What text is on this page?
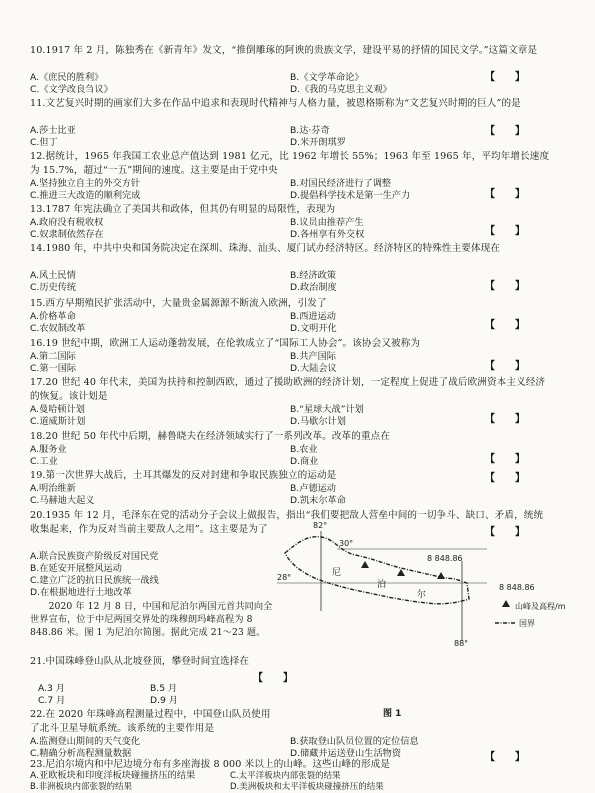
10.1917 年 2 月，陈独秀在《新青年》发文，“推倒雕琢的阿谀的贵族文学，建设平易的抒情的国民文学。”这篇文章是
A.《庶民的胜利》	B.《文学革命论》	【　　】
C.《文学改良刍议》	D.《我的马克思主义观》
11.文艺复兴时期的画家们大多在作品中追求和表现时代精神与人格力量，被恩格斯称为“文艺复兴时期的巨人”的是
A.莎士比亚	B.达·芬奇	【　　】
C.但丁	D.米开朗琪罗
12.据统计，1965 年我国工农业总产值达到 1981 亿元，比 1962 年增长 55%；1963 年至 1965 年，平均年增长速度为 15.7%，超过“一五”期间的速度。这主要是由于党中央
A.坚持独立自主的外交方针	B.对国民经济进行了调整
【　　】
C.推进三大改造的顺利完成	D.提倡科学技术是第一生产力
13.1787 年宪法确立了美国共和政体，但其仍有明显的局限性，表现为
A.政府没有税收权	B.议员由推荐产生
【　　】
C.奴隶制依然存在	D.各州享有外交权
14.1980 年，中共中央和国务院决定在深圳、珠海、汕头、厦门试办经济特区。经济特区的特殊性主要体现在
A.风土民情	B.经济政策
【　　】
C.历史传统	D.政治制度
15.西方早期殖民扩张活动中，大量贵金属源源不断流入欧洲，引发了
A.价格革命	B.西进运动
【　　】
C.农奴制改革	D.文明开化
16.19 世纪中期，欧洲工人运动蓬勃发展，在伦敦成立了“国际工人协会”。该协会又被称为
A.第二国际	B.共产国际
【　　】
C.第一国际	D.大陆会议
17.20 世纪 40 年代末，美国为扶持和控制西欧，通过了援助欧洲的经济计划，一定程度上促进了战后欧洲资本主义经济的恢复。该计划是
A.曼哈顿计划	B.“星球大战”计划
【　　】
C.道威斯计划	D.马歇尔计划
18.20 世纪 50 年代中后期，赫鲁晓夫在经济领域实行了一系列改革。改革的重点在
A.服务业	B.农业
【　　】
C.工业	D.商业
19.第一次世界大战后，土耳其爆发的反对封建和争取民族独立的运动是	【　　】
A.明治维新	B.卢德运动
C.马赫迪大起义	D.凯末尔革命
20.1935 年 12 月，毛泽东在党的活动分子会议上做报告，指出“我们要把敌人营垒中间的一切争斗、缺口、矛盾，统统收集起来，作为反对当前主要敌人之用”。这主要是为了	【　　】
A.联合民族资产阶级反对国民党
B.在延安开展整风运动
C.建立广泛的抗日民族统一战线
D.在根据地进行土地改革
　　2020 年 12 月 8 日，中国和尼泊尔两国元首共同向全世界宣布，位于中尼两国交界处的珠穆朗玛峰高程为 8 848.86 米。图 1 为尼泊尔简图。据此完成 21～23 题。
21.中国珠峰登山队从北坡登顶，攀登时间宜选择在
【　　】
A.3 月	B.5 月
C.7 月	D.9 月
22.在 2020 年珠峰高程测量过程中，中国登山队员使用了北斗卫星导航系统。该系统的主要作用是
【　　】
A.监测登山期间的天气变化	B.获取登山队员位置的定位信息
C.精确分析高程测量数据	D.储藏并运送登山生活物资
23.尼泊尔境内和中尼边境分布有多座海拔 8 000 米以上的山峰。这些山峰的形成是
A.亚欧板块和印度洋板块碰撞挤压的结果
B.非洲板块内部张裂的结果
C.太平洋板块内部张裂的结果
D.美洲板块和太平洋板块碰撞挤压的结果
82°
88°
30°
28°
8 848.86
8 848.86
尼
泊
尔
山峰及高程/m
国界
图 1
